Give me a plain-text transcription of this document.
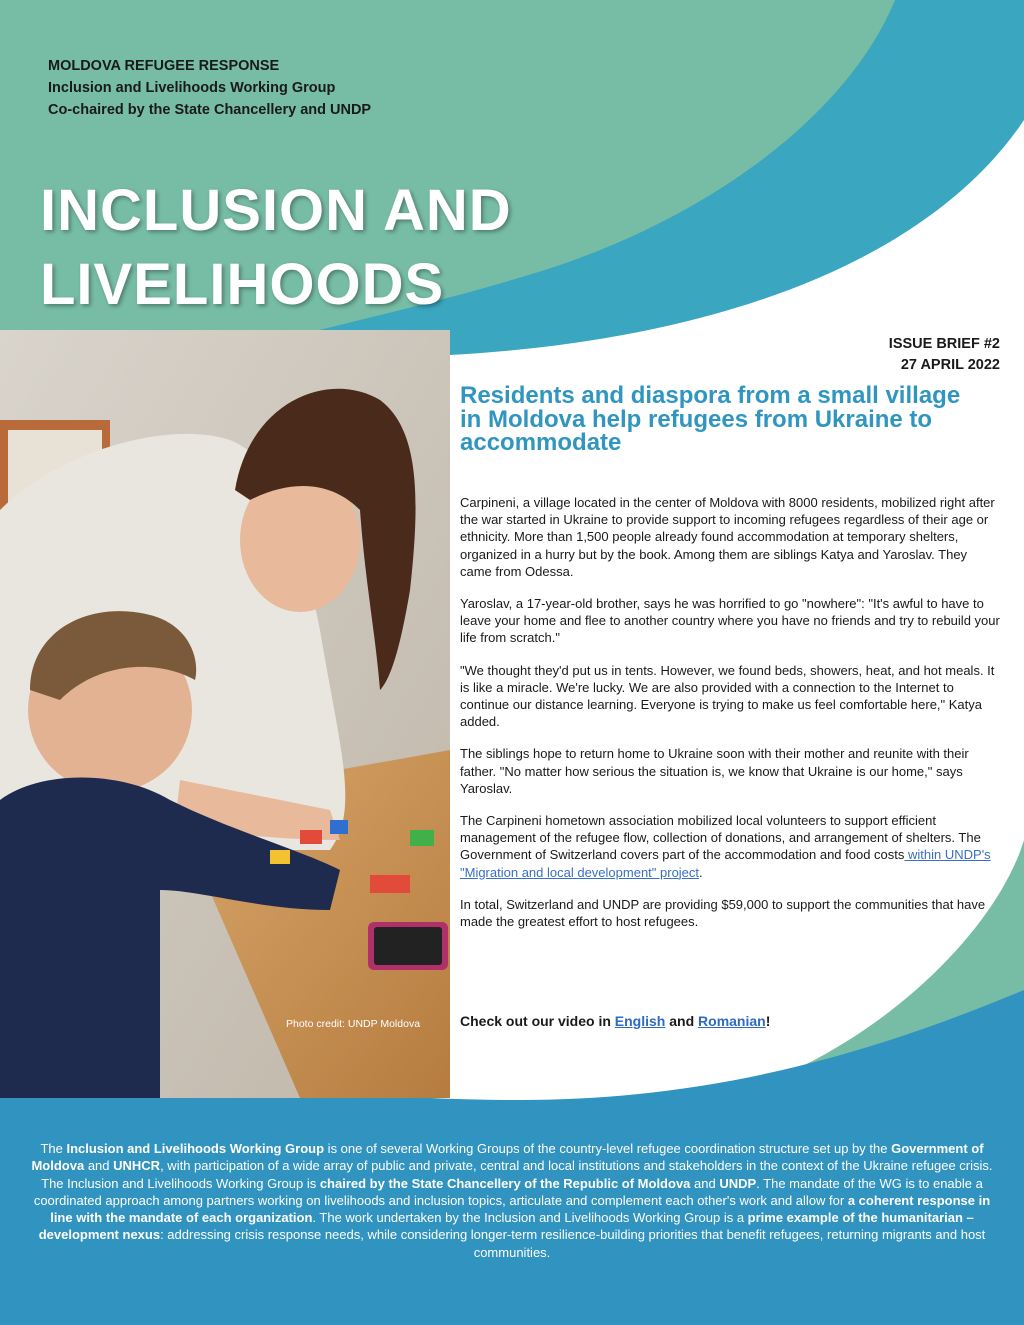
MOLDOVA REFUGEE RESPONSE
Inclusion and Livelihoods Working Group
Co-chaired by the State Chancellery and UNDP
INCLUSION AND
LIVELIHOODS
ISSUE BRIEF #2
27 APRIL 2022
Residents and diaspora from a small village in Moldova help refugees from Ukraine to accommodate

Carpineni, a village located in the center of Moldova with 8000 residents, mobilized right after the war started in Ukraine to provide support to incoming refugees regardless of their age or ethnicity. More than 1,500 people already found accommodation at temporary shelters, organized in a hurry but by the book. Among them are siblings Katya and Yaroslav. They came from Odessa.

Yaroslav, a 17-year-old brother, says he was horrified to go "nowhere": "It's awful to have to leave your home and flee to another country where you have no friends and try to rebuild your life from scratch."

"We thought they'd put us in tents. However, we found beds, showers, heat, and hot meals. It is like a miracle. We're lucky. We are also provided with a connection to the Internet to continue our distance learning. Everyone is trying to make us feel comfortable here," Katya added.

The siblings hope to return home to Ukraine soon with their mother and reunite with their father. "No matter how serious the situation is, we know that Ukraine is our home," says Yaroslav.

The Carpineni hometown association mobilized local volunteers to support efficient management of the refugee flow, collection of donations, and arrangement of shelters. The Government of Switzerland covers part of the accommodation and food costs within UNDP's "Migration and local development" project.

In total, Switzerland and UNDP are providing $59,000 to support the communities that have made the greatest effort to host refugees.

Check out our video in English and Romanian!
Photo credit: UNDP Moldova
The Inclusion and Livelihoods Working Group is one of several Working Groups of the country-level refugee coordination structure set up by the Government of Moldova and UNHCR, with participation of a wide array of public and private, central and local institutions and stakeholders in the context of the Ukraine refugee crisis. The Inclusion and Livelihoods Working Group is chaired by the State Chancellery of the Republic of Moldova and UNDP. The mandate of the WG is to enable a coordinated approach among partners working on livelihoods and inclusion topics, articulate and complement each other's work and allow for a coherent response in line with the mandate of each organization. The work undertaken by the Inclusion and Livelihoods Working Group is a prime example of the humanitarian – development nexus: addressing crisis response needs, while considering longer-term resilience-building priorities that benefit refugees, returning migrants and host communities.
